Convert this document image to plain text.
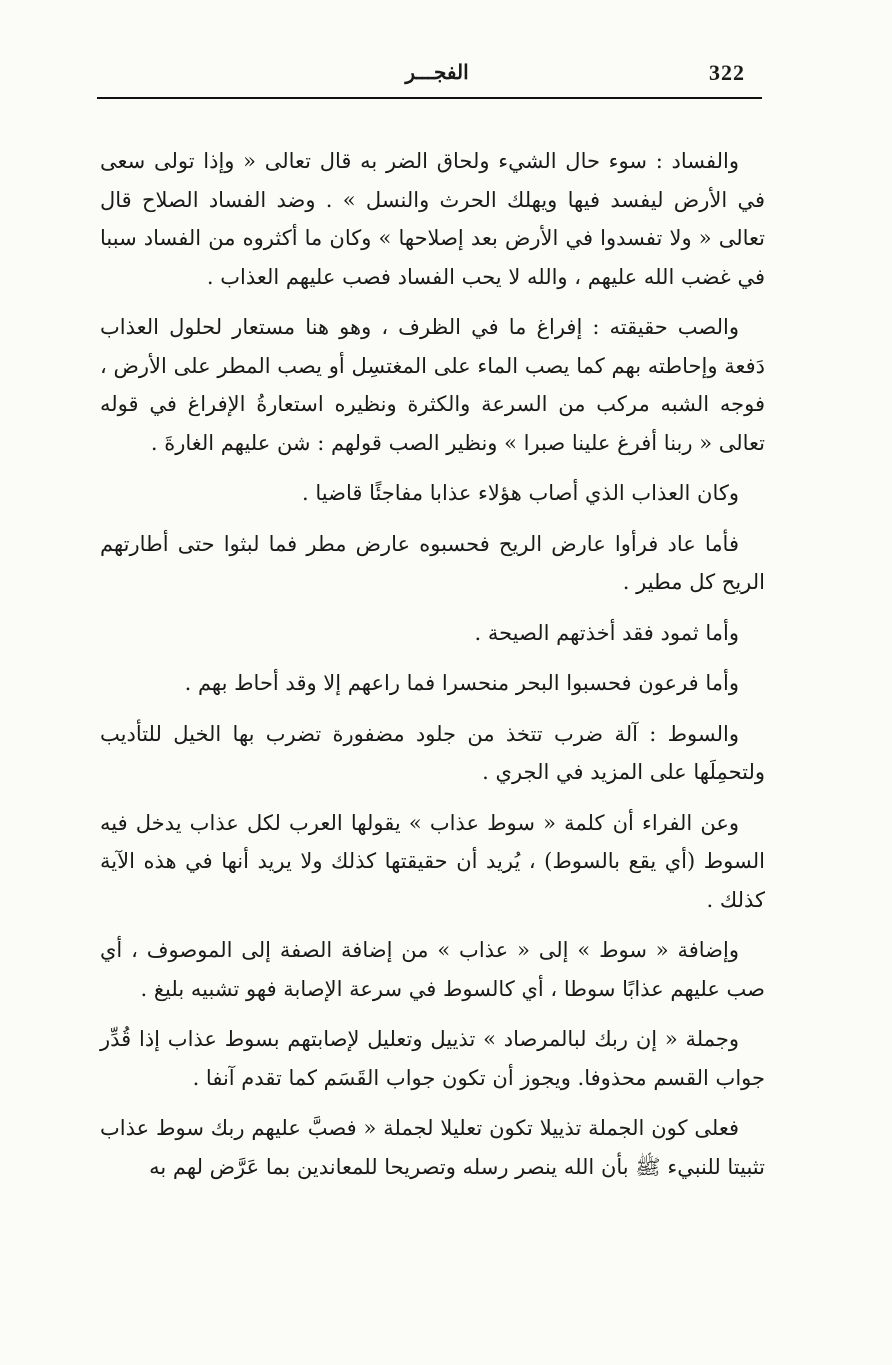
322
الفجـــر

والفساد : سوء حال الشيء ولحاق الضر به قال تعالى « وإذا تولى سعى في الأرض ليفسد فيها ويهلك الحرث والنسل » . وضد الفساد الصلاح قال تعالى « ولا تفسدوا في الأرض بعد إصلاحها » وكان ما أكثروه من الفساد سببا في غضب الله عليهم ، والله لا يحب الفساد فصب عليهم العذاب .

والصب حقيقته : إفراغ ما في الظرف ، وهو هنا مستعار لحلول العذاب دَفعة وإحاطته بهم كما يصب الماء على المغتسِل أو يصب المطر على الأرض ، فوجه الشبه مركب من السرعة والكثرة ونظيره استعارةُ الإفراغ في قوله تعالى « ربنا أفرغ علينا صبرا » ونظير الصب قولهم : شن عليهم الغارةَ .

وكان العذاب الذي أصاب هؤلاء عذابا مفاجئًا قاضيا .

فأما عاد فرأوا عارض الريح فحسبوه عارض مطر فما لبثوا حتى أطارتهم الريح كل مطير .

وأما ثمود فقد أخذتهم الصيحة .

وأما فرعون فحسبوا البحر منحسرا فما راعهم إلا وقد أحاط بهم .

والسوط : آلة ضرب تتخذ من جلود مضفورة تضرب بها الخيل للتأديب ولتحمِلَها على المزيد في الجري .

وعن الفراء أن كلمة « سوط عذاب » يقولها العرب لكل عذاب يدخل فيه السوط (أي يقع بالسوط) ، يُريد أن حقيقتها كذلك ولا يريد أنها في هذه الآية كذلك .

وإضافة « سوط » إلى « عذاب » من إضافة الصفة إلى الموصوف ، أي صب عليهم عذابًا سوطا ، أي كالسوط في سرعة الإصابة فهو تشبيه بليغ .

وجملة « إن ربك لبالمرصاد » تذييل وتعليل لإصابتهم بسوط عذاب إذا قُدِّر جواب القسم محذوفا. ويجوز أن تكون جواب القَسَم كما تقدم آنفا .

فعلى كون الجملة تذييلا تكون تعليلا لجملة « فصبَّ عليهم ربك سوط عذاب تثبيتا للنبيء ﷺ بأن الله ينصر رسله وتصريحا للمعاندين بما عَرَّض لهم به
